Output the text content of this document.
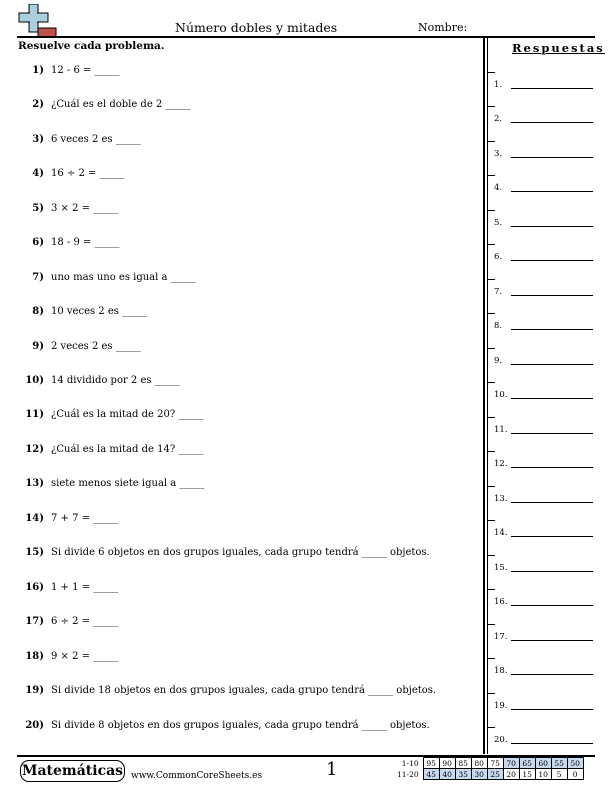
Número dobles y mitades	Nombre:
Resuelve cada problema.
1) 12 - 6 = _____
2) ¿Cuál es el doble de 2 _____
3) 6 veces 2 es _____
4) 16 ÷ 2 = _____
5) 3 × 2 = _____
6) 18 - 9 = _____
7) uno mas uno es igual a _____
8) 10 veces 2 es _____
9) 2 veces 2 es _____
10) 14 dividido por 2 es _____
11) ¿Cuál es la mitad de 20? _____
12) ¿Cuál es la mitad de 14? _____
13) siete menos siete igual a _____
14) 7 + 7 = _____
15) Si divide 6 objetos en dos grupos iguales, cada grupo tendrá _____ objetos.
16) 1 + 1 = _____
17) 6 ÷ 2 = _____
18) 9 × 2 = _____
19) Si divide 18 objetos en dos grupos iguales, cada grupo tendrá _____ objetos.
20) Si divide 8 objetos en dos grupos iguales, cada grupo tendrá _____ objetos.
Respuestas
1.
2.
3.
4.
5.
6.
7.
8.
9.
10.
11.
12.
13.
14.
15.
16.
17.
18.
19.
20.
Matemáticas www.CommonCoreSheets.es	1	1-10	95	90	85	80	75	70	65	60	55	50
11-20	45	40	35	30	25	20	15	10	5	0
